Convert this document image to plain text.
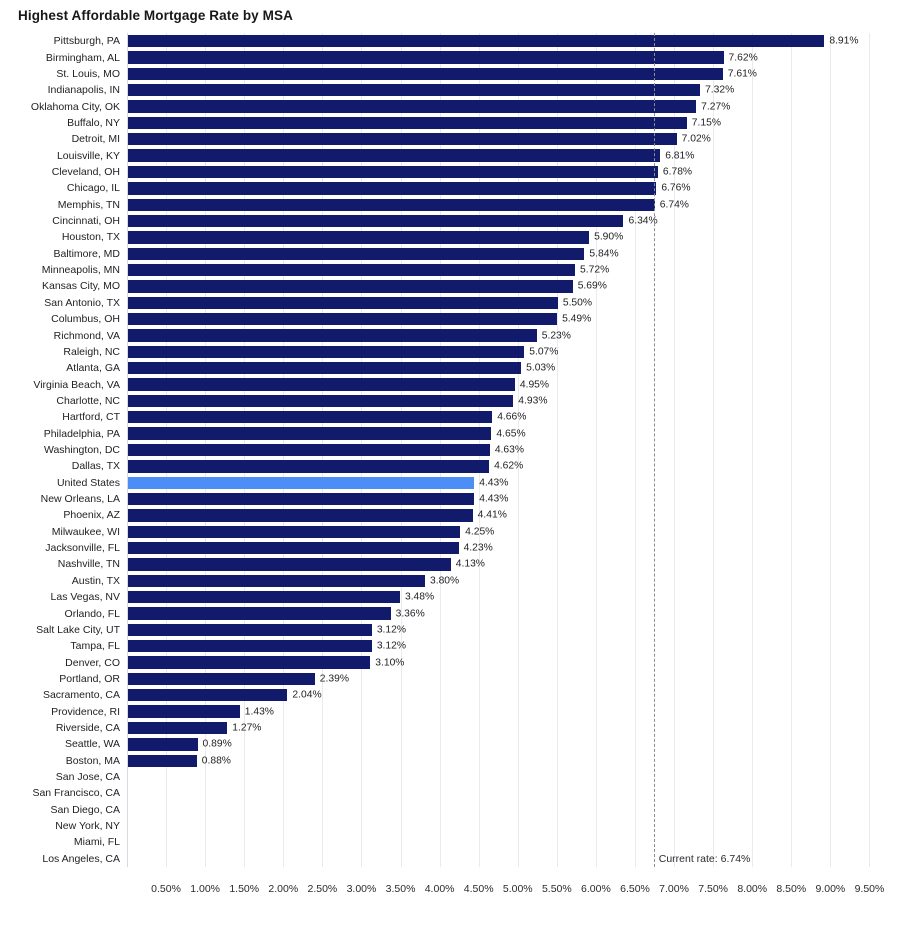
Highest Affordable Mortgage Rate by MSA
Pittsburgh, PA	8.91%
Birmingham, AL	7.62%
St. Louis, MO	7.61%
Indianapolis, IN	7.32%
Oklahoma City, OK	7.27%
Buffalo, NY	7.15%
Detroit, MI	7.02%
Louisville, KY	6.81%
Cleveland, OH	6.78%
Chicago, IL	6.76%
Memphis, TN	6.74%
Cincinnati, OH	6.34%
Houston, TX	5.90%
Baltimore, MD	5.84%
Minneapolis, MN	5.72%
Kansas City, MO	5.69%
San Antonio, TX	5.50%
Columbus, OH	5.49%
Richmond, VA	5.23%
Raleigh, NC	5.07%
Atlanta, GA	5.03%
Virginia Beach, VA	4.95%
Charlotte, NC	4.93%
Hartford, CT	4.66%
Philadelphia, PA	4.65%
Washington, DC	4.63%
Dallas, TX	4.62%
United States	4.43%
New Orleans, LA	4.43%
Phoenix, AZ	4.41%
Milwaukee, WI	4.25%
Jacksonville, FL	4.23%
Nashville, TN	4.13%
Austin, TX	3.80%
Las Vegas, NV	3.48%
Orlando, FL	3.36%
Salt Lake City, UT	3.12%
Tampa, FL	3.12%
Denver, CO	3.10%
Portland, OR	2.39%
Sacramento, CA	2.04%
Providence, RI	1.43%
Riverside, CA	1.27%
Seattle, WA	0.89%
Boston, MA	0.88%
San Jose, CA
San Francisco, CA
San Diego, CA
New York, NY
Miami, FL
Los Angeles, CA
0.50% 1.00% 1.50% 2.00% 2.50% 3.00% 3.50% 4.00% 4.50% 5.00% 5.50% 6.00% 6.50% 7.00% 7.50% 8.00% 8.50% 9.00% 9.50%
Current rate: 6.74%
